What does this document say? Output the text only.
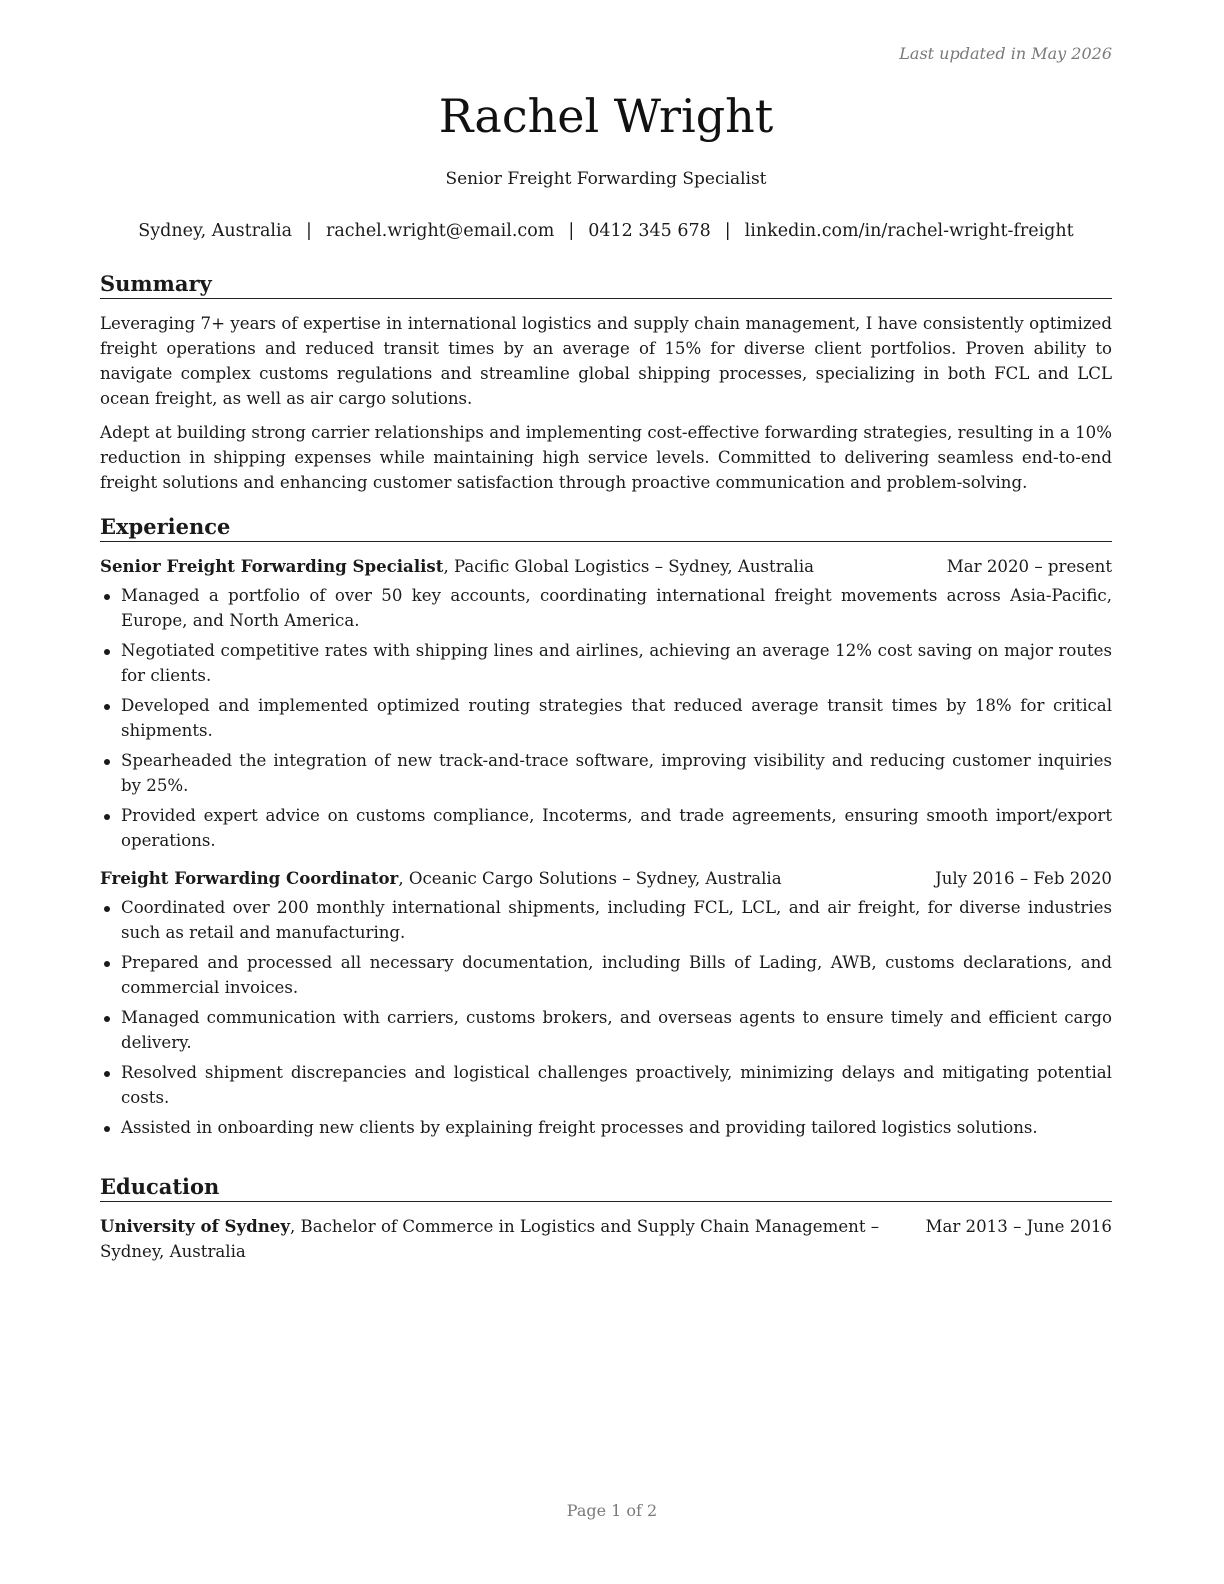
Last updated in May 2026
Rachel Wright
Senior Freight Forwarding Specialist
Sydney, Australia | rachel.wright@email.com | 0412 345 678 | linkedin.com/in/rachel-wright-freight
Summary

Leveraging 7+ years of expertise in international logistics and supply chain management, I have consistently optimized freight operations and reduced transit times by an average of 15% for diverse client portfolios. Proven ability to navigate complex customs regulations and streamline global shipping processes, specializing in both FCL and LCL ocean freight, as well as air cargo solutions.

Adept at building strong carrier relationships and implementing cost-effective forwarding strategies, resulting in a 10% reduction in shipping expenses while maintaining high service levels. Committed to delivering seamless end-to-end freight solutions and enhancing customer satisfaction through proactive communication and problem-solving.

Experience
Senior Freight Forwarding Specialist, Pacific Global Logistics – Sydney, Australia	Mar 2020 – present
Managed a portfolio of over 50 key accounts, coordinating international freight movements across Asia-Pacific, Europe, and North America.
Negotiated competitive rates with shipping lines and airlines, achieving an average 12% cost saving on major routes for clients.
Developed and implemented optimized routing strategies that reduced average transit times by 18% for critical shipments.
Spearheaded the integration of new track-and-trace software, improving visibility and reducing customer inquiries by 25%.
Provided expert advice on customs compliance, Incoterms, and trade agreements, ensuring smooth import/export operations.
Freight Forwarding Coordinator, Oceanic Cargo Solutions – Sydney, Australia	July 2016 – Feb 2020
Coordinated over 200 monthly international shipments, including FCL, LCL, and air freight, for diverse industries such as retail and manufacturing.
Prepared and processed all necessary documentation, including Bills of Lading, AWB, customs declarations, and commercial invoices.
Managed communication with carriers, customs brokers, and overseas agents to ensure timely and efficient cargo delivery.
Resolved shipment discrepancies and logistical challenges proactively, minimizing delays and mitigating potential costs.
Assisted in onboarding new clients by explaining freight processes and providing tailored logistics solutions.
Education
University of Sydney, Bachelor of Commerce in Logistics and Supply Chain Management – Sydney, Australia
Mar 2013 – June 2016
Page 1 of 2
